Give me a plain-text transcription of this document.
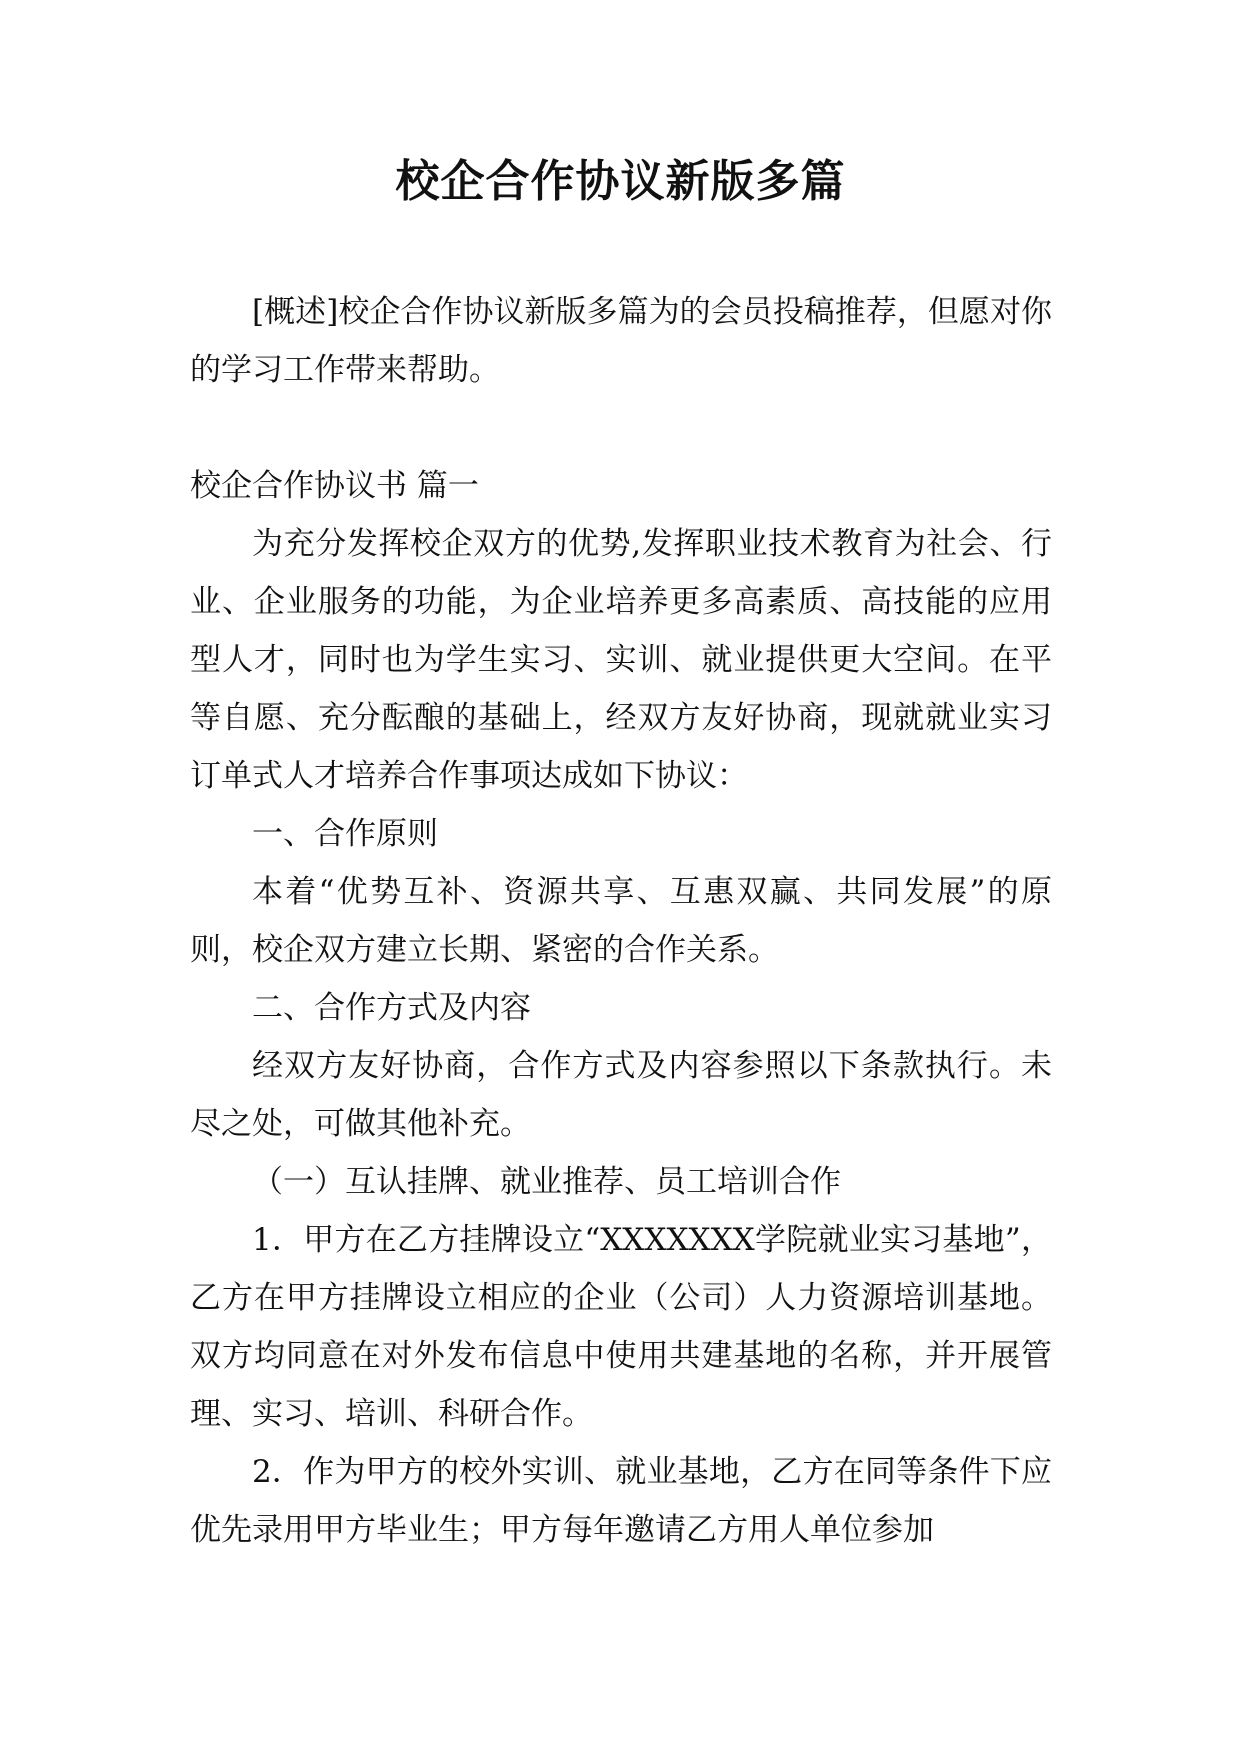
校企合作协议新版多篇

[概述]校企合作协议新版多篇为的会员投稿推荐，但愿对你的学习工作带来帮助。

校企合作协议书 篇一

为充分发挥校企双方的优势,发挥职业技术教育为社会、行业、企业服务的功能，为企业培养更多高素质、高技能的应用型人才，同时也为学生实习、实训、就业提供更大空间。在平等自愿、充分酝酿的基础上，经双方友好协商，现就就业实习订单式人才培养合作事项达成如下协议：

一、合作原则

本着“优势互补、资源共享、互惠双赢、共同发展”的原则，校企双方建立长期、紧密的合作关系。

二、合作方式及内容

经双方友好协商，合作方式及内容参照以下条款执行。未尽之处，可做其他补充。

（一）互认挂牌、就业推荐、员工培训合作

1．甲方在乙方挂牌设立“XXXXXXX学院就业实习基地”，乙方在甲方挂牌设立相应的企业（公司）人力资源培训基地。双方均同意在对外发布信息中使用共建基地的名称，并开展管理、实习、培训、科研合作。

2．作为甲方的校外实训、就业基地，乙方在同等条件下应优先录用甲方毕业生；甲方每年邀请乙方用人单位参加
